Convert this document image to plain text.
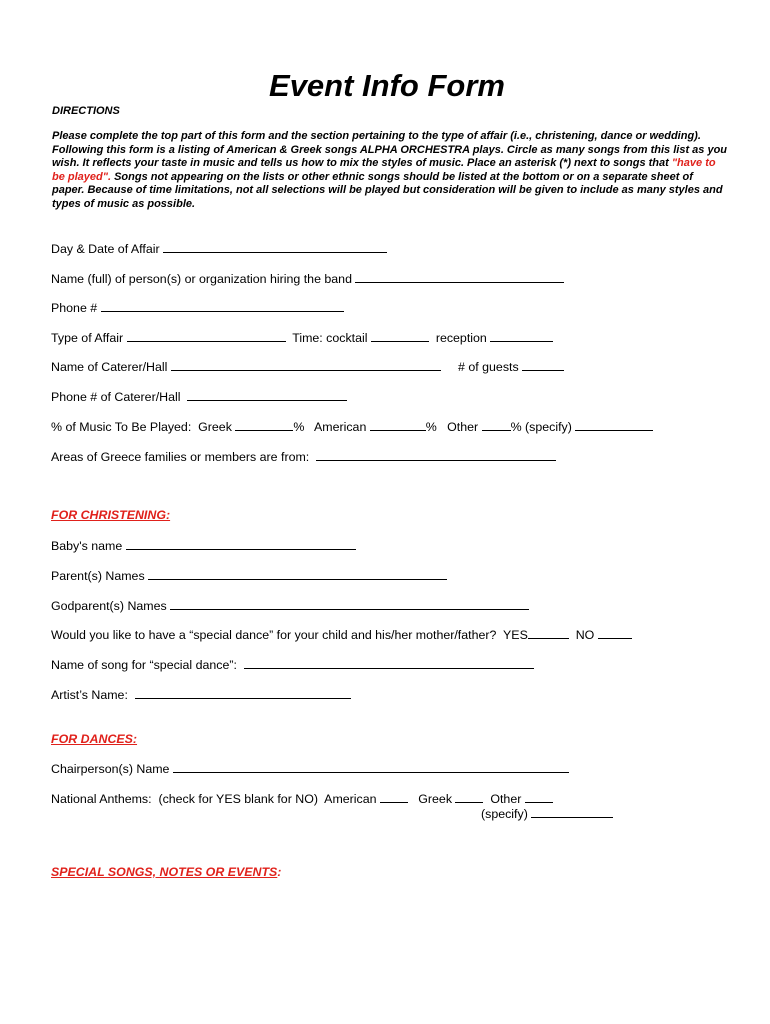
Event Info Form
DIRECTIONS

Please complete the top part of this form and the section pertaining to the type of affair (i.e., christening, dance or wedding). Following this form is a listing of American & Greek songs ALPHA ORCHESTRA plays. Circle as many songs from this list as you wish. It reflects your taste in music and tells us how to mix the styles of music. Place an asterisk (*) next to songs that "have to be played". Songs not appearing on the lists or other ethnic songs should be listed at the bottom or on a separate sheet of paper. Because of time limitations, not all selections will be played but consideration will be given to include as many styles and types of music as possible.

Day & Date of Affair
Name (full) of person(s) or organization hiring the band
Phone #
Type of Affair	Time: cocktail	reception
Name of Caterer/Hall	# of guests
Phone # of Caterer/Hall
% of Music To Be Played:  Greek	%   American	%   Other % (specify)
Areas of Greece families or members are from:
FOR CHRISTENING:
Baby's name
Parent(s) Names
Godparent(s) Names
Would you like to have a “special dance” for your child and his/her mother/father?  YES	NO
Name of song for “special dance”:
Artist’s Name:
FOR DANCES:
Chairperson(s) Name
National Anthems:  (check for YES blank for NO)  American    Greek   Other
(specify)
SPECIAL SONGS, NOTES OR EVENTS:
